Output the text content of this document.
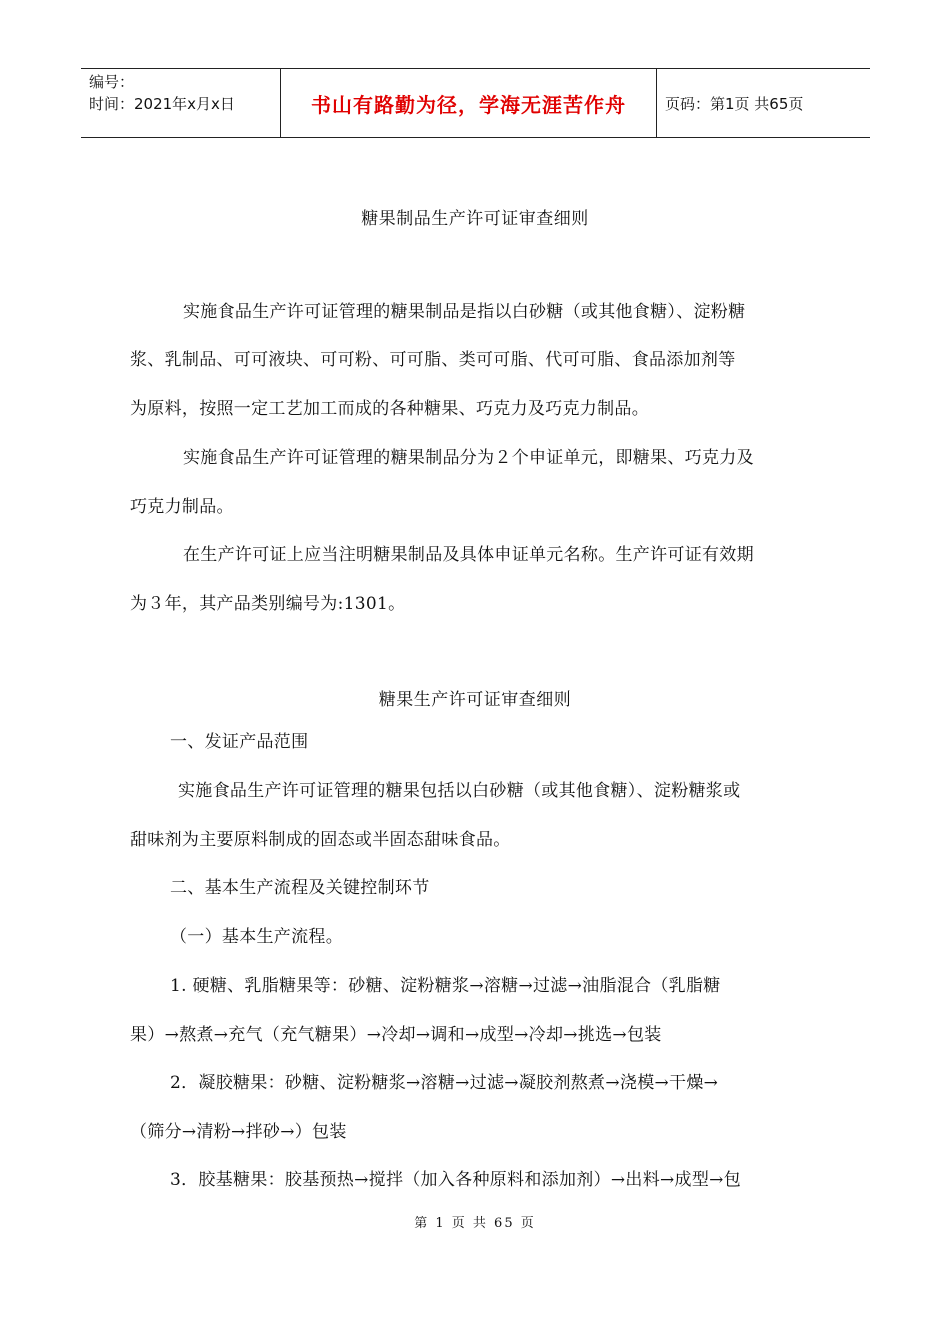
编号：
时间：2021年x月x日	书山有路勤为径，学海无涯苦作舟	页码：第1页 共65页
糖果制品生产许可证审查细则
实施食品生产许可证管理的糖果制品是指以白砂糖（或其他食糖）、淀粉糖
浆、乳制品、可可液块、可可粉、可可脂、类可可脂、代可可脂、食品添加剂等
为原料，按照一定工艺加工而成的各种糖果、巧克力及巧克力制品。
实施食品生产许可证管理的糖果制品分为２个申证单元，即糖果、巧克力及
巧克力制品。
在生产许可证上应当注明糖果制品及具体申证单元名称。生产许可证有效期
为３年，其产品类别编号为:1301。
糖果生产许可证审查细则
一、发证产品范围
实施食品生产许可证管理的糖果包括以白砂糖（或其他食糖）、淀粉糖浆或
甜味剂为主要原料制成的固态或半固态甜味食品。
二、基本生产流程及关键控制环节
（一）基本生产流程。
1. 硬糖、乳脂糖果等：砂糖、淀粉糖浆→溶糖→过滤→油脂混合（乳脂糖
果）→熬煮→充气（充气糖果）→冷却→调和→成型→冷却→挑选→包装
2．凝胶糖果：砂糖、淀粉糖浆→溶糖→过滤→凝胶剂熬煮→浇模→干燥→
（筛分→清粉→拌砂→）包装
3．胶基糖果：胶基预热→搅拌（加入各种原料和添加剂）→出料→成型→包
第 1 页 共 65 页
